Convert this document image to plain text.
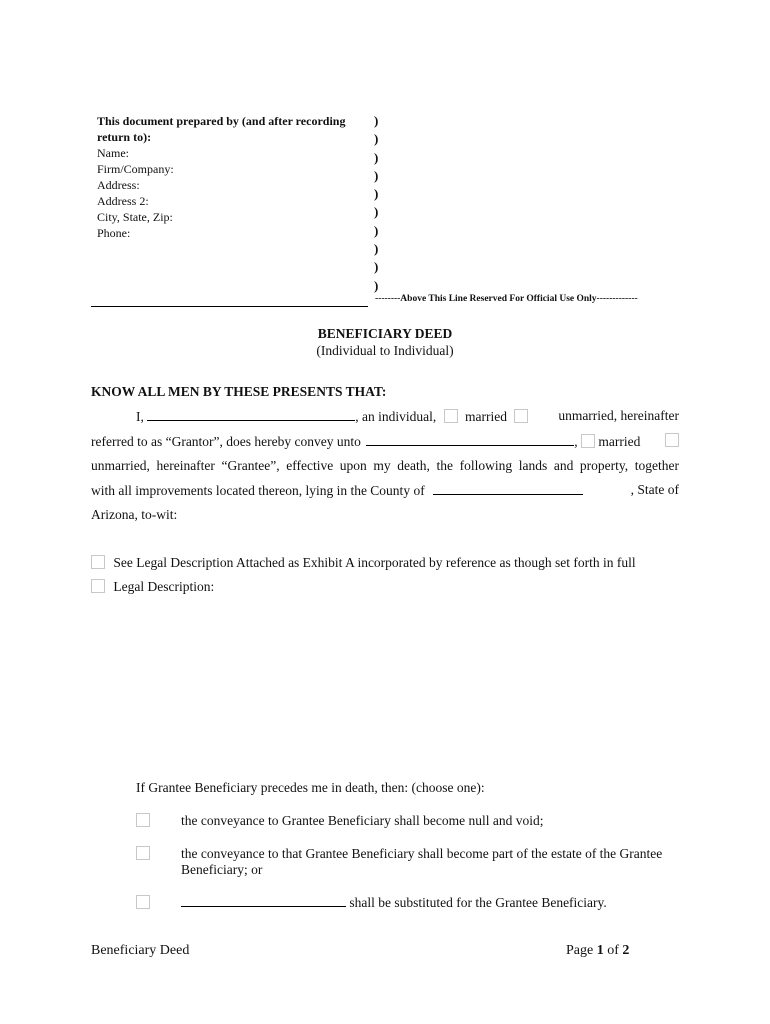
This document prepared by (and after recording return to):
Name:
Firm/Company:
Address:
Address 2:
City, State, Zip:
Phone:
)
)
)
)
)
)
)
)
)
)
--------Above This Line Reserved For Official Use Only-------------
BENEFICIARY DEED
(Individual to Individual)
KNOW ALL MEN BY THESE PRESENTS THAT:
I,	, an individual, married	unmarried, hereinafter
referred to as “Grantor”, does hereby convey unto	, married
unmarried, hereinafter “Grantee”, effective upon my death, the following lands and property, together
with all improvements located thereon, lying in the County of	, State of
Arizona, to-wit:
See Legal Description Attached as Exhibit A incorporated by reference as though set forth in full
Legal Description:
If Grantee Beneficiary precedes me in death, then: (choose one):
the conveyance to Grantee Beneficiary shall become null and void;
the conveyance to that Grantee Beneficiary shall become part of the estate of the Grantee
Beneficiary; or
shall be substituted for the Grantee Beneficiary.
Beneficiary Deed	Page 1 of 2
